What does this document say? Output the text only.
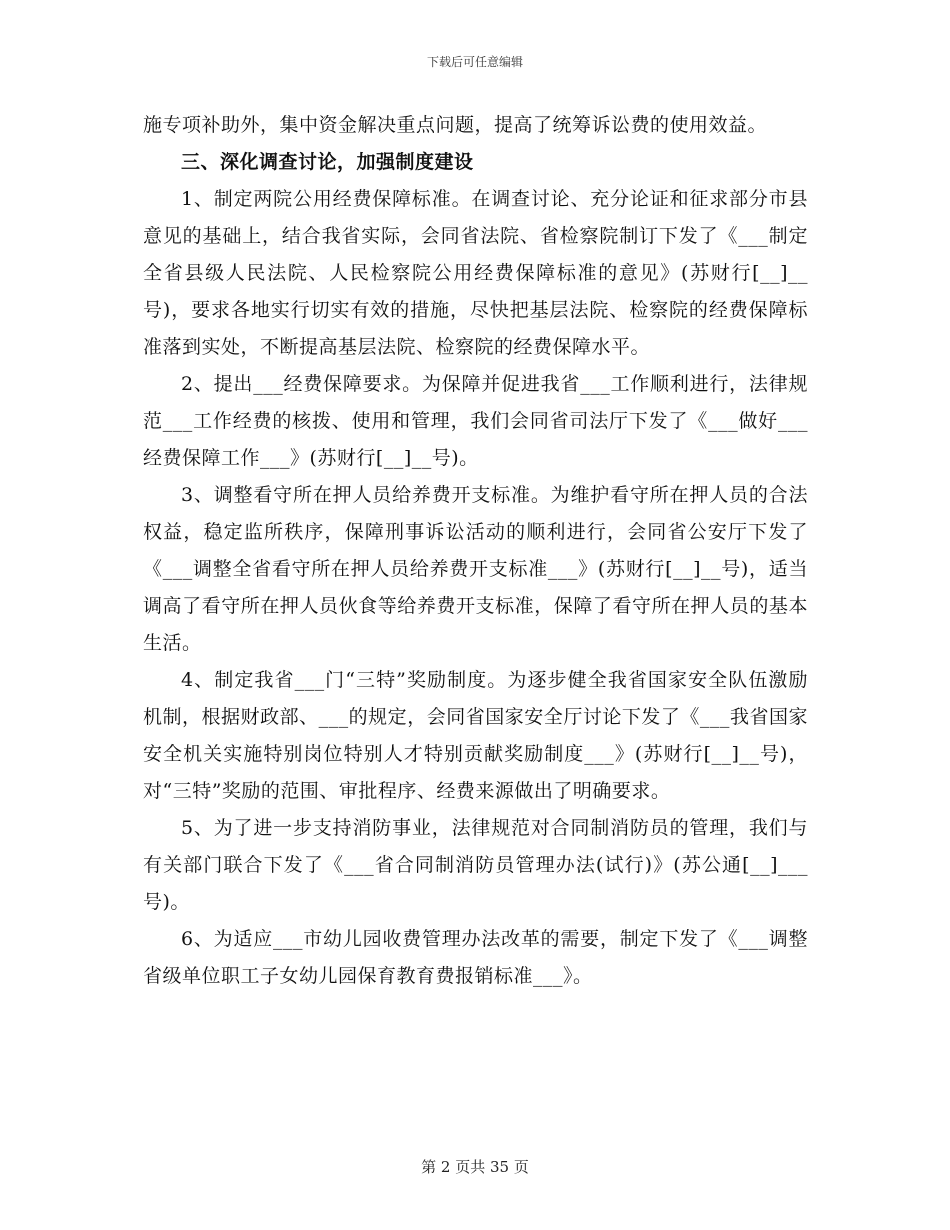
下载后可任意编辑

施专项补助外，集中资金解决重点问题，提高了统筹诉讼费的使用效益。

三、深化调查讨论，加强制度建设

1、制定两院公用经费保障标准。在调查讨论、充分论证和征求部分市县意见的基础上，结合我省实际，会同省法院、省检察院制订下发了《___制定全省县级人民法院、人民检察院公用经费保障标准的意见》(苏财行[__]__号)，要求各地实行切实有效的措施，尽快把基层法院、检察院的经费保障标准落到实处，不断提高基层法院、检察院的经费保障水平。

2、提出___经费保障要求。为保障并促进我省___工作顺利进行，法律规范___工作经费的核拨、使用和管理，我们会同省司法厅下发了《___做好___经费保障工作___》(苏财行[__]__号)。

3、调整看守所在押人员给养费开支标准。为维护看守所在押人员的合法权益，稳定监所秩序，保障刑事诉讼活动的顺利进行，会同省公安厅下发了《___调整全省看守所在押人员给养费开支标准___》(苏财行[__]__号)，适当调高了看守所在押人员伙食等给养费开支标准，保障了看守所在押人员的基本生活。

4、制定我省___门“三特”奖励制度。为逐步健全我省国家安全队伍激励机制，根据财政部、___的规定，会同省国家安全厅讨论下发了《___我省国家安全机关实施特别岗位特别人才特别贡献奖励制度___》(苏财行[__]__号)，对“三特”奖励的范围、审批程序、经费来源做出了明确要求。

5、为了进一步支持消防事业，法律规范对合同制消防员的管理，我们与有关部门联合下发了《___省合同制消防员管理办法(试行)》(苏公通[__]___号)。

6、为适应___市幼儿园收费管理办法改革的需要，制定下发了《___调整省级单位职工子女幼儿园保育教育费报销标准___》。

第 2 页共 35 页
